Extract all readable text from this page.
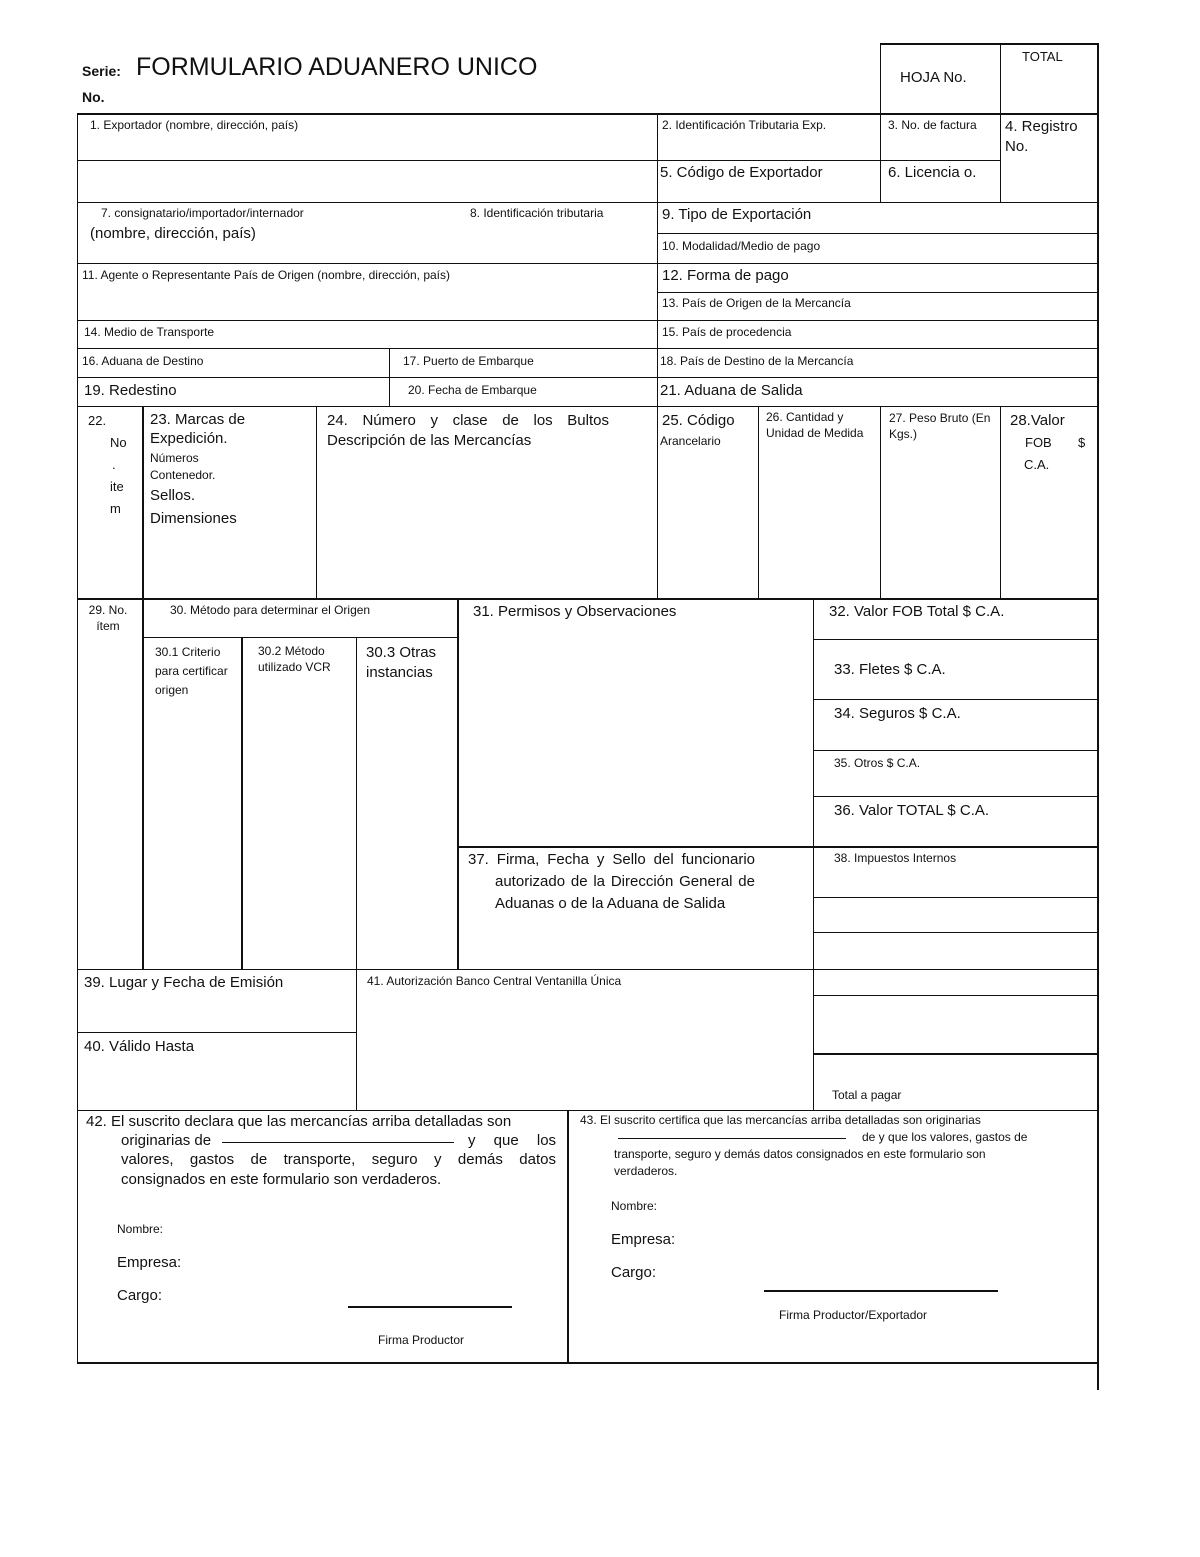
Serie: FORMULARIO ADUANERO UNICO
No.
HOJA No.
TOTAL
1. Exportador (nombre, dirección, país)	2. Identificación Tributaria Exp.	3. No. de factura 4. Registro No.
5. Código de Exportador	6. Licencia o.
7. consignatario/importador/internador
(nombre, dirección, país)
8. Identificación tributaria	9. Tipo de Exportación
10. Modalidad/Medio de pago
11. Agente o Representante País de Origen (nombre, dirección, país)	12. Forma de pago
13. País de Origen de la Mercancía
14. Medio de Transporte	15. País de procedencia
16. Aduana de Destino	17. Puerto de Embarque	18. País de Destino de la Mercancía
19. Redestino	20. Fecha de Embarque	21. Aduana de Salida
22.
No
.
ite
m
23. Marcas de
Expedición.
Números
Contenedor.
Sellos.
Dimensiones
24. Número y clase de los Bultos Descripción de las Mercancías
25. Código
Arancelario
26. Cantidad y Unidad de Medida
27. Peso Bruto (En Kgs.)
28.Valor
FOB $
C.A.
29. No. ítem
30. Método para determinar el Origen
30.1 Criterio para certificar origen
30.2 Método utilizado VCR
30.3 Otras instancias
31. Permisos y Observaciones
37. Firma, Fecha y Sello del funcionario autorizado de la Dirección General de Aduanas o de la Aduana de Salida
32. Valor FOB Total $ C.A.
33. Fletes $ C.A.
34. Seguros $ C.A.
35. Otros $ C.A.
36. Valor TOTAL $ C.A.
38. Impuestos Internos
Total a pagar
39. Lugar y Fecha de Emisión
40. Válido Hasta
41. Autorización Banco Central Ventanilla Única
42. El suscrito declara que las mercancías arriba detalladas son
originarias de	y que los
valores, gastos de transporte, seguro y demás datos
consignados en este formulario son verdaderos.
Nombre:
Empresa:
Cargo:
Firma Productor
43. El suscrito certifica que las mercancías arriba detalladas son originarias
de y que los valores, gastos de
transporte, seguro y demás datos consignados en este formulario son
verdaderos.
Nombre:
Empresa:
Cargo:
Firma Productor/Exportador
